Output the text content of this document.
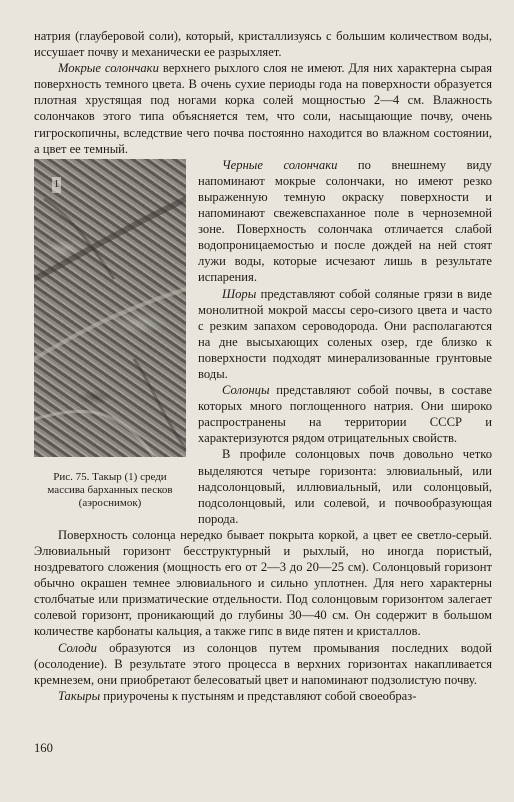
натрия (глауберовой соли), который, кристаллизуясь с большим количеством воды, иссушает почву и механически ее разрыхляет.

Мокрые солончаки верхнего рыхлого слоя не имеют. Для них характерна сырая поверхность темного цвета. В очень сухие периоды года на поверхности образуется плотная хрустящая под ногами корка солей мощностью 2—4 см. Влажность солончаков этого типа объясняется тем, что соли, насыщающие почву, очень гигроскопичны, вследствие чего почва постоянно находится во влажном состоянии, а цвет ее темный.

1
Рис. 75. Такыр (1) среди массива барханных песков (аэроснимок)

Черные солончаки по внешнему виду напоминают мокрые солончаки, но имеют резко выраженную темную окраску поверхности и напоминают свежевспаханное поле в черноземной зоне. Поверхность солончака отличается слабой водопроницаемостью и после дождей на ней стоят лужи воды, которые исчезают лишь в результате испарения.

Шоры представляют собой соляные грязи в виде монолитной мокрой массы серо-сизого цвета и часто с резким запахом сероводорода. Они располагаются на дне высыхающих соленых озер, где близко к поверхности подходят минерализованные грунтовые воды.

Солонцы представляют собой почвы, в составе которых много поглощенного натрия. Они широко распространены на территории СССР и характеризуются рядом отрицательных свойств.

В профиле солонцовых почв довольно четко выделяются четыре горизонта: элювиальный, или надсолонцовый, иллювиальный, или солонцовый, подсолонцовый, или солевой, и почвообразующая порода.

Поверхность солонца нередко бывает покрыта коркой, а цвет ее светло-серый. Элювиальный горизонт бесструктурный и рыхлый, но иногда пористый, ноздреватого сложения (мощность его от 2—3 до 20—25 см). Солонцовый горизонт обычно окрашен темнее элювиального и сильно уплотнен. Для него характерны столбчатые или призматические отдельности. Под солонцовым горизонтом залегает солевой горизонт, проникающий до глубины 30—40 см. Он содержит в большом количестве карбонаты кальция, а также гипс в виде пятен и кристаллов.

Солоди образуются из солонцов путем промывания последних водой (осолодение). В результате этого процесса в верхних горизонтах накапливается кремнезем, они приобретают белесоватый цвет и напоминают подзолистую почву.

Такыры приурочены к пустыням и представляют собой своеобраз-

160
